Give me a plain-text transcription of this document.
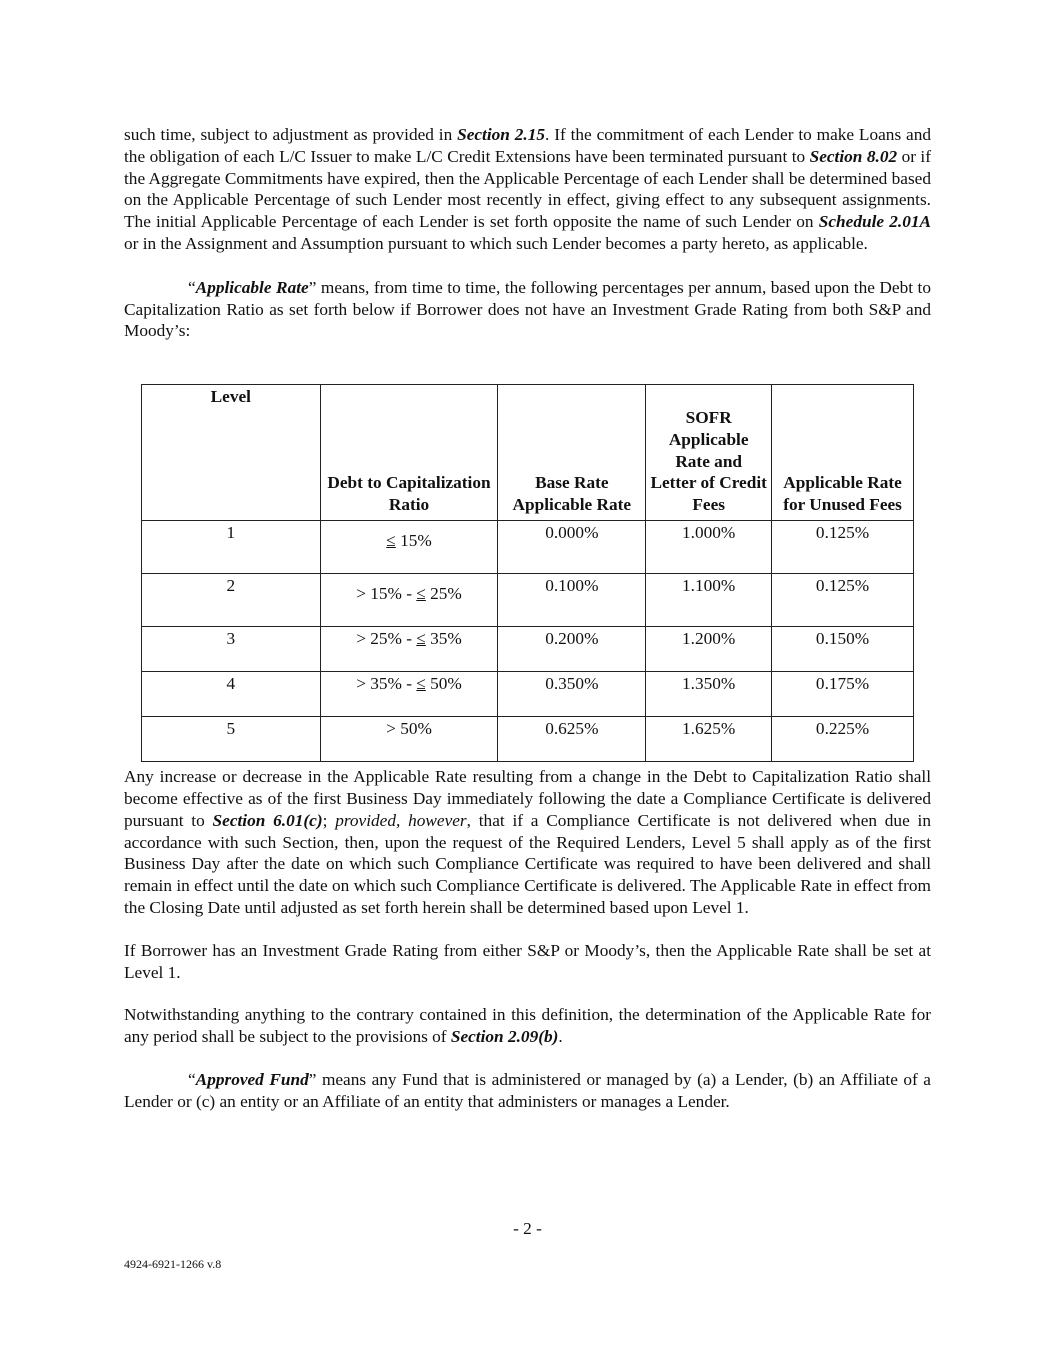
such time, subject to adjustment as provided in Section 2.15. If the commitment of each Lender to make Loans and the obligation of each L/C Issuer to make L/C Credit Extensions have been terminated pursuant to Section 8.02 or if the Aggregate Commitments have expired, then the Applicable Percentage of each Lender shall be determined based on the Applicable Percentage of such Lender most recently in effect, giving effect to any subsequent assignments. The initial Applicable Percentage of each Lender is set forth opposite the name of such Lender on Schedule 2.01A or in the Assignment and Assumption pursuant to which such Lender becomes a party hereto, as applicable.

“Applicable Rate” means, from time to time, the following percentages per annum, based upon the Debt to Capitalization Ratio as set forth below if Borrower does not have an Investment Grade Rating from both S&P and Moody’s:

Level	Debt to Capitalization Ratio	Base Rate Applicable Rate	SOFR Applicable Rate and Letter of Credit Fees	Applicable Rate for Unused Fees
1	≤ 15%	0.000%	1.000%	0.125%
2	> 15% - ≤ 25%	0.100%	1.100%	0.125%
3	> 25% - ≤ 35%	0.200%	1.200%	0.150%
4	> 35% - ≤ 50%	0.350%	1.350%	0.175%
5	> 50%	0.625%	1.625%	0.225%

Any increase or decrease in the Applicable Rate resulting from a change in the Debt to Capitalization Ratio shall become effective as of the first Business Day immediately following the date a Compliance Certificate is delivered pursuant to Section 6.01(c); provided, however, that if a Compliance Certificate is not delivered when due in accordance with such Section, then, upon the request of the Required Lenders, Level 5 shall apply as of the first Business Day after the date on which such Compliance Certificate was required to have been delivered and shall remain in effect until the date on which such Compliance Certificate is delivered. The Applicable Rate in effect from the Closing Date until adjusted as set forth herein shall be determined based upon Level 1.

If Borrower has an Investment Grade Rating from either S&P or Moody’s, then the Applicable Rate shall be set at Level 1.

Notwithstanding anything to the contrary contained in this definition, the determination of the Applicable Rate for any period shall be subject to the provisions of Section 2.09(b).

“Approved Fund” means any Fund that is administered or managed by (a) a Lender, (b) an Affiliate of a Lender or (c) an entity or an Affiliate of an entity that administers or manages a Lender.

- 2 -
4924-6921-1266 v.8
